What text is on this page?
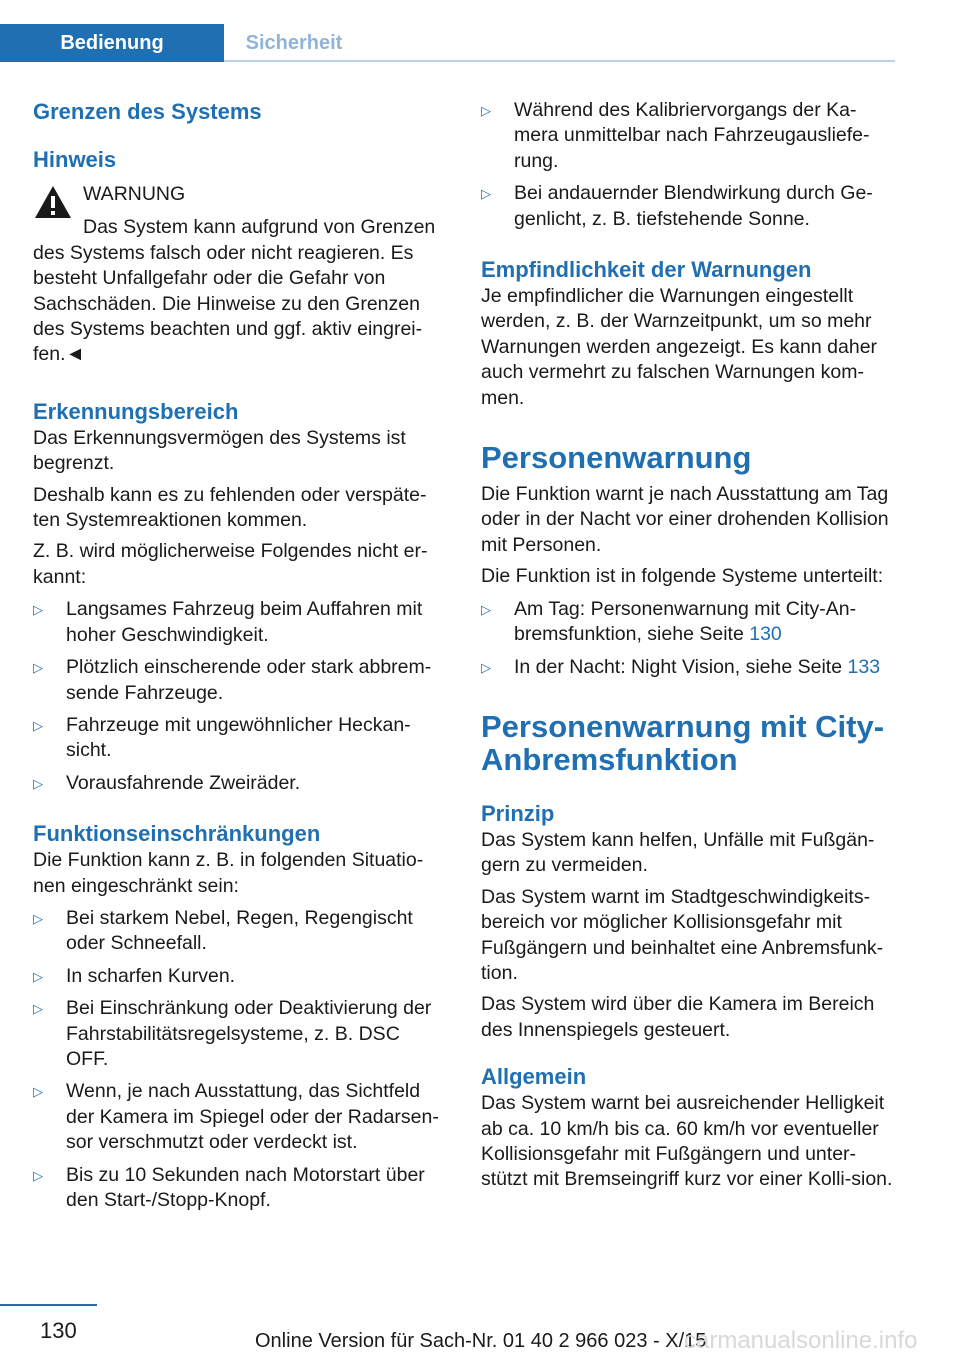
Bedienung	Sicherheit

Grenzen des Systems

Hinweis

WARNUNG

Das System kann aufgrund von Grenzen des Systems falsch oder nicht reagieren. Es besteht Unfallgefahr oder die Gefahr von Sachschäden. Die Hinweise zu den Grenzen des Systems beachten und ggf. aktiv eingrei‐fen.◄

Erkennungsbereich

Das Erkennungsvermögen des Systems ist begrenzt.

Deshalb kann es zu fehlenden oder verspäte‐ten Systemreaktionen kommen.

Z. B. wird möglicherweise Folgendes nicht er‐kannt:

▷ Langsames Fahrzeug beim Auffahren mit hoher Geschwindigkeit.
▷ Plötzlich einscherende oder stark abbrem‐sende Fahrzeuge.
▷ Fahrzeuge mit ungewöhnlicher Heckan‐sicht.
▷ Vorausfahrende Zweiräder.

Funktionseinschränkungen

Die Funktion kann z. B. in folgenden Situatio‐nen eingeschränkt sein:

▷ Bei starkem Nebel, Regen, Regengischt oder Schneefall.
▷ In scharfen Kurven.
▷ Bei Einschränkung oder Deaktivierung der Fahrstabilitätsregelsysteme, z. B. DSC OFF.
▷ Wenn, je nach Ausstattung, das Sichtfeld der Kamera im Spiegel oder der Radarsen‐sor verschmutzt oder verdeckt ist.
▷ Bis zu 10 Sekunden nach Motorstart über den Start-/Stopp-Knopf.
▷ Während des Kalibriervorgangs der Ka‐mera unmittelbar nach Fahrzeugausliefe‐rung.
▷ Bei andauernder Blendwirkung durch Ge‐genlicht, z. B. tiefstehende Sonne.

Empfindlichkeit der Warnungen

Je empfindlicher die Warnungen eingestellt werden, z. B. der Warnzeitpunkt, um so mehr Warnungen werden angezeigt. Es kann daher auch vermehrt zu falschen Warnungen kom‐men.

Personenwarnung

Die Funktion warnt je nach Ausstattung am Tag oder in der Nacht vor einer drohenden Kollision mit Personen.

Die Funktion ist in folgende Systeme unterteilt:

▷ Am Tag: Personenwarnung mit City-An‐bremsfunktion, siehe Seite 130
▷ In der Nacht: Night Vision, siehe Seite 133

Personenwarnung mit City-Anbremsfunktion

Prinzip

Das System kann helfen, Unfälle mit Fußgän‐gern zu vermeiden.

Das System warnt im Stadtgeschwindigkeits‐bereich vor möglicher Kollisionsgefahr mit Fußgängern und beinhaltet eine Anbremsfunk‐tion.

Das System wird über die Kamera im Bereich des Innenspiegels gesteuert.

Allgemein

Das System warnt bei ausreichender Helligkeit ab ca. 10 km/h bis ca. 60 km/h vor eventueller Kollisionsgefahr mit Fußgängern und unter‐stützt mit Bremseingriff kurz vor einer Kolli‐sion.

130	Online Version für Sach-Nr. 01 40 2 966 023 - X/15
carmanualsonline.info
